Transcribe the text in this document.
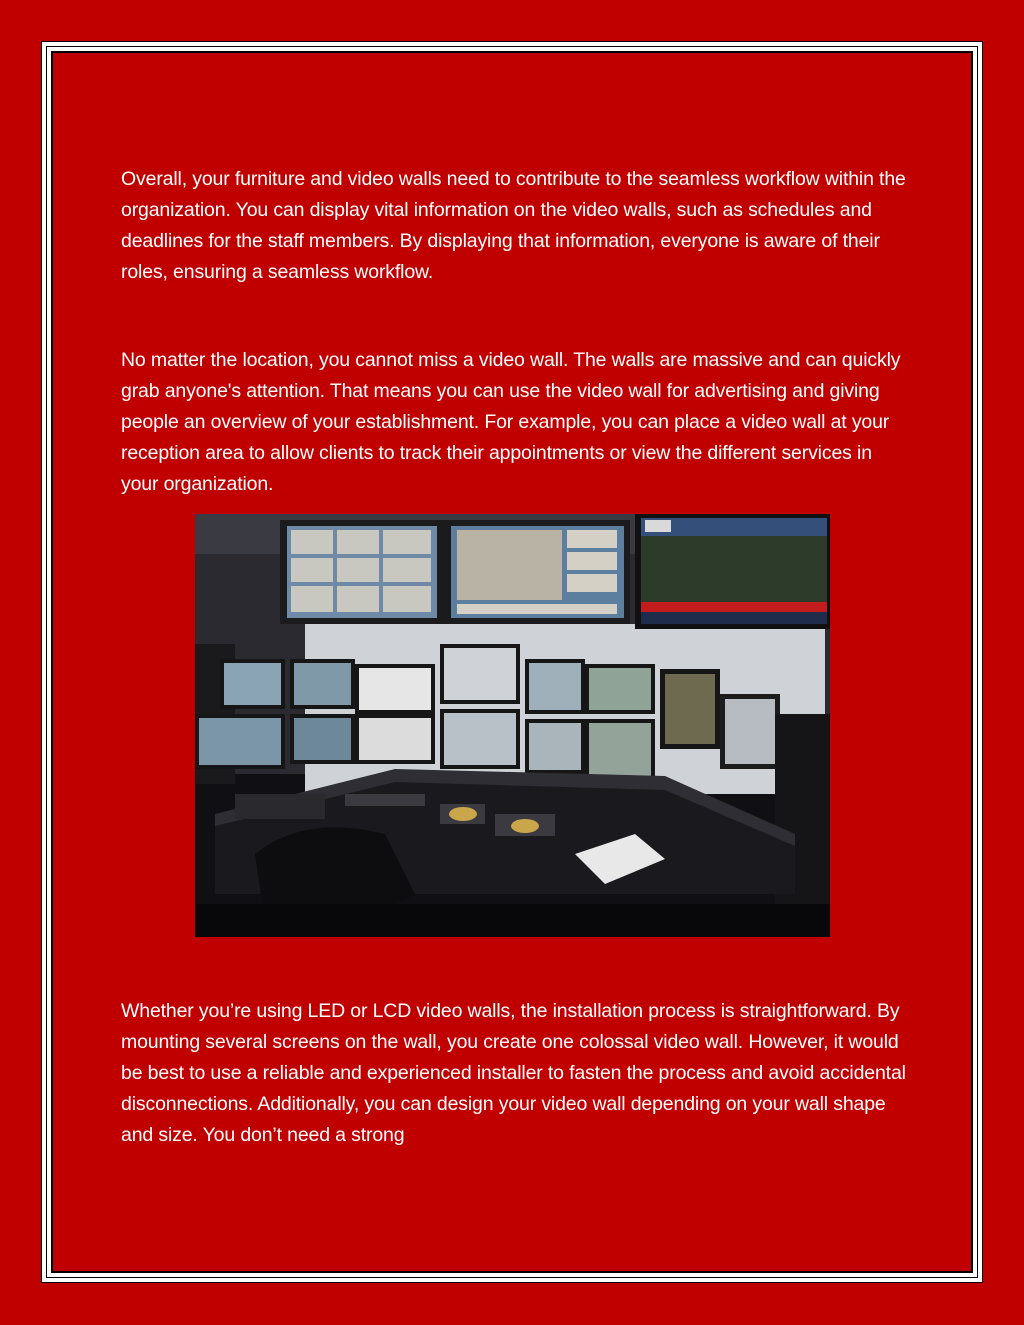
Overall, your furniture and video walls need to contribute to the seamless workflow within the organization. You can display vital information on the video walls, such as schedules and deadlines for the staff members. By displaying that information, everyone is aware of their roles, ensuring a seamless workflow.

No matter the location, you cannot miss a video wall. The walls are massive and can quickly grab anyone's attention. That means you can use the video wall for advertising and giving people an overview of your establishment. For example, you can place a video wall at your reception area to allow clients to track their appointments or view the different services in your organization.

Whether you’re using LED or LCD video walls, the installation process is straightforward. By mounting several screens on the wall, you create one colossal video wall. However, it would be best to use a reliable and experienced installer to fasten the process and avoid accidental disconnections. Additionally, you can design your video wall depending on your wall shape and size. You don’t need a strong
